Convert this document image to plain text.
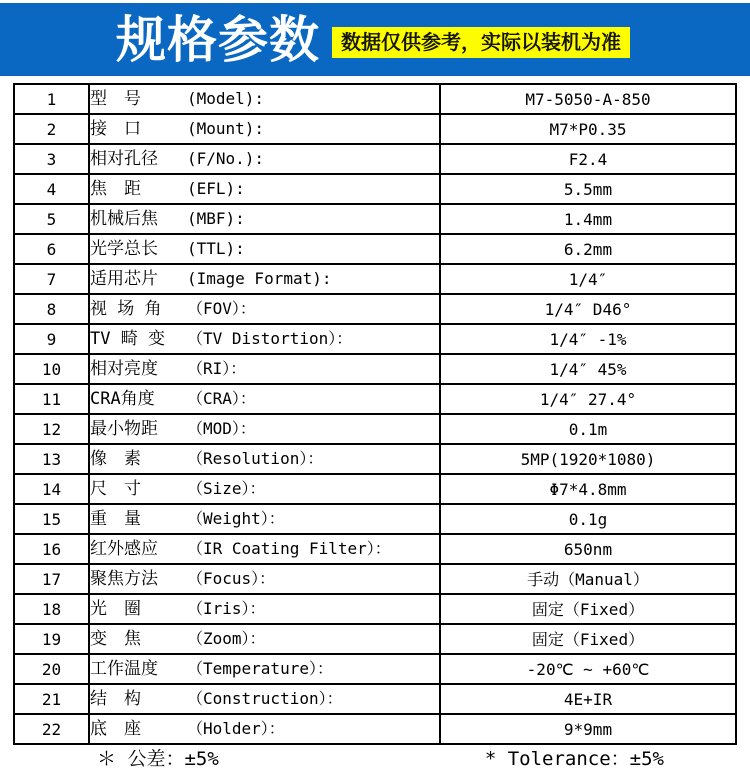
规格参数	数据仅供参考，实际以装机为准
1	型　号 (Model):	M7-5050-A-850
2	接　口 (Mount):	M7*P0.35
3	相对孔径 (F/No.):	F2.4
4	焦　距 (EFL):	5.5mm
5	机械后焦 (MBF):	1.4mm
6	光学总长 (TTL):	6.2mm
7	适用芯片 (Image Format):	1/4″
8	视 场 角 （FOV）：	1/4″ D46°
9	TV 畸 变 （TV Distortion）：	1/4″ -1%
10	相对亮度 （RI）：	1/4″ 45%
11	CRA角度 （CRA）：	1/4″ 27.4°
12	最小物距 （MOD）：	0.1m
13	像　素 （Resolution）：	5MP(1920*1080)
14	尺　寸 （Size）：	Φ7*4.8mm
15	重　量 （Weight）：	0.1g
16	红外感应 （IR Coating Filter）：	650nm
17	聚焦方法 （Focus）：	手动（Manual）
18	光　圈 （Iris）：	固定（Fixed）
19	变　焦 （Zoom）：	固定（Fixed）
20	工作温度 （Temperature）：	-20℃ ~ +60℃
21	结　构 （Construction）：	4E+IR
22	底　座 （Holder）：	9*9mm
＊ 公差：±5%	* Tolerance：±5%
